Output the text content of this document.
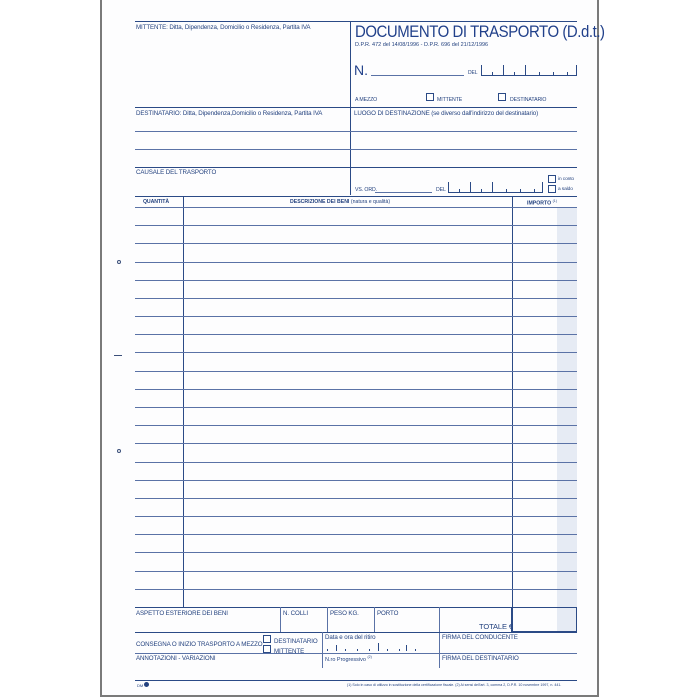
MITTENTE: Ditta, Dipendenza, Domicilio o Residenza, Partita IVA	DOCUMENTO DI TRASPORTO (D.d.t.)
D.P.R. 472 del 14/08/1996 - D.P.R. 696 del 21/12/1996
N.	DEL
A MEZZO	MITTENTE	DESTINATARIO
DESTINATARIO: Ditta, Dipendenza,Domicilio o Residenza, Partita IVA	LUOGO DI DESTINAZIONE (se diverso dall'indirizzo del destinatario)
CAUSALE DEL TRASPORTO
VS. ORD.	DEL
in conto
a saldo
QUANTITÀ	DESCRIZIONE DEI BENI (natura e qualità)	IMPORTO $^{(1)}$
ASPETTO ESTERIORE DEI BENI	N. COLLI	PESO KG.	PORTO
TOTALE €
CONSEGNA O INIZIO TRASPORTO A MEZZO DESTINATARIO
MITTENTE
Data e ora del ritiro	FIRMA DEL CONDUCENTE
ANNOTAZIONI - VARIAZIONI	N.ro Progressivo $^{(2)}$	FIRMA DEL DESTINATARIO
DM	(1) Solo in caso di utilizzo in sostituzione della certificazione fiscale. (2) Ai sensi dell'art. 3, comma 2, D.P.R. 10 novembre 1997, n. 441.
